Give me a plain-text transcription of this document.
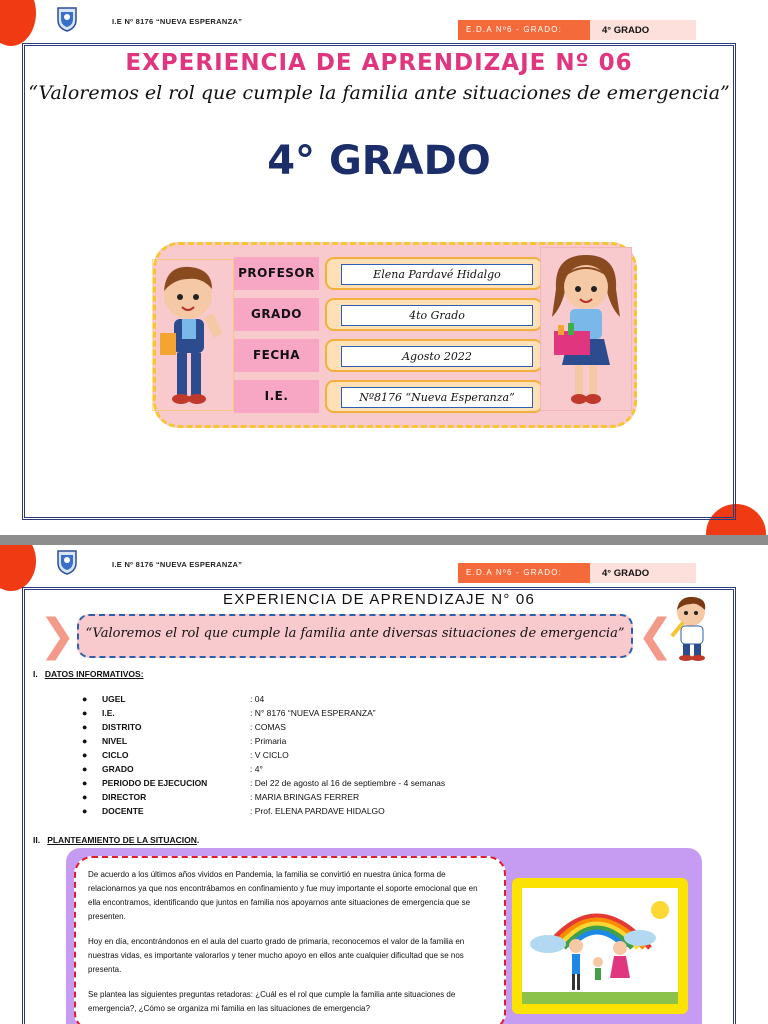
I.E Nº 8176 “NUEVA ESPERANZA”
E.D.A Nº6 - GRADO:	4° GRADO
EXPERIENCIA DE APRENDIZAJE Nº 06
“Valoremos el rol que cumple la familia ante situaciones de emergencia”
4° GRADO
PROFESOR	Elena Pardavé Hidalgo
GRADO	4to Grado
FECHA	Agosto 2022
I.E.	Nº8176 “Nueva Esperanza”
I.E Nº 8176 “NUEVA ESPERANZA”
E.D.A Nº6 - GRADO:	4° GRADO
EXPERIENCIA DE APRENDIZAJE N° 06
❯ “Valoremos el rol que cumple la familia ante diversas situaciones de emergencia” ❮
I. DATOS INFORMATIVOS:
● UGEL	: 04
● I.E.	: N° 8176 “NUEVA ESPERANZA”
● DISTRITO	: COMAS
● NIVEL	: Primaria
● CICLO	: V CICLO
● GRADO	: 4°
● PERIODO DE EJECUCION	: Del 22 de agosto al 16 de septiembre - 4 semanas
● DIRECTOR	: MARIA BRINGAS FERRER
● DOCENTE	: Prof. ELENA PARDAVE HIDALGO
II. PLANTEAMIENTO DE LA SITUACION.

De acuerdo a los últimos años vividos en Pandemia, la familia se convirtió en nuestra única forma de relacionarnos ya que nos encontrábamos en confinamiento y fue muy importante el soporte emocional que en ella encontramos, identificando que juntos en familia nos apoyarnos ante situaciones de emergencia que se presenten.

Hoy en día, encontrándonos en el aula del cuarto grado de primaria, reconocemos el valor de la familia en nuestras vidas, es importante valorarlos y tener mucho apoyo en ellos ante cualquier dificultad que se nos presenta.

Se plantea las siguientes preguntas retadoras: ¿Cuál es el rol que cumple la familia ante situaciones de emergencia?, ¿Cómo se organiza mi familia en las situaciones de emergencia?
